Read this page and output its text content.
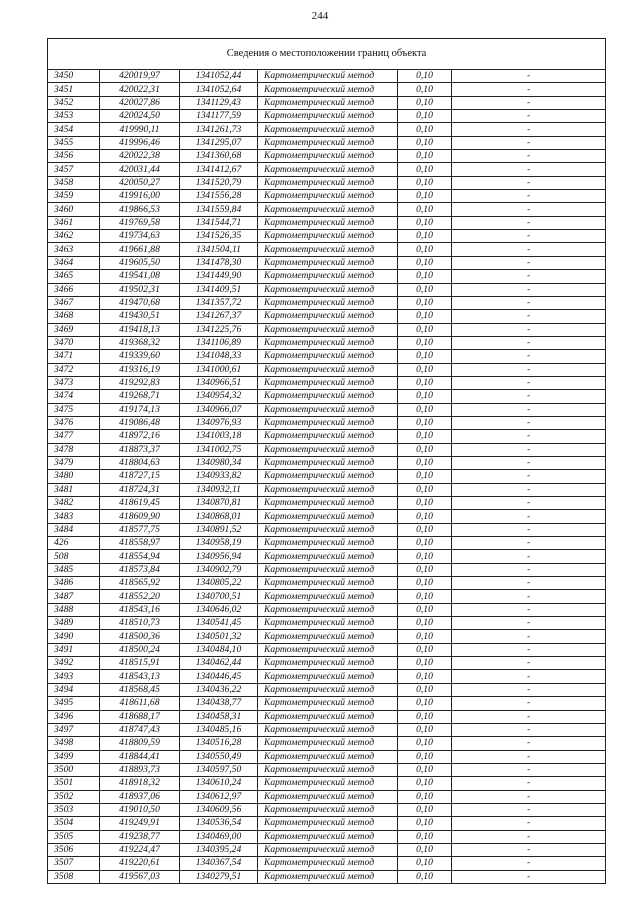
244
Сведения о местоположении границ объекта					
3450	420019,97	1341052,44	Картометрический метод	0,10	-
3451	420022,31	1341052,64	Картометрический метод	0,10	-
3452	420027,86	1341129,43	Картометрический метод	0,10	-
3453	420024,50	1341177,59	Картометрический метод	0,10	-
3454	419990,11	1341261,73	Картометрический метод	0,10	-
3455	419996,46	1341295,07	Картометрический метод	0,10	-
3456	420022,38	1341360,68	Картометрический метод	0,10	-
3457	420031,44	1341412,67	Картометрический метод	0,10	-
3458	420050,27	1341520,79	Картометрический метод	0,10	-
3459	419916,00	1341556,28	Картометрический метод	0,10	-
3460	419866,53	1341559,84	Картометрический метод	0,10	-
3461	419769,58	1341544,71	Картометрический метод	0,10	-
3462	419734,63	1341526,35	Картометрический метод	0,10	-
3463	419661,88	1341504,11	Картометрический метод	0,10	-
3464	419605,50	1341478,30	Картометрический метод	0,10	-
3465	419541,08	1341449,90	Картометрический метод	0,10	-
3466	419502,31	1341409,51	Картометрический метод	0,10	-
3467	419470,68	1341357,72	Картометрический метод	0,10	-
3468	419430,51	1341267,37	Картометрический метод	0,10	-
3469	419418,13	1341225,76	Картометрический метод	0,10	-
3470	419368,32	1341106,89	Картометрический метод	0,10	-
3471	419339,60	1341048,33	Картометрический метод	0,10	-
3472	419316,19	1341000,61	Картометрический метод	0,10	-
3473	419292,83	1340966,51	Картометрический метод	0,10	-
3474	419268,71	1340954,32	Картометрический метод	0,10	-
3475	419174,13	1340966,07	Картометрический метод	0,10	-
3476	419086,48	1340976,93	Картометрический метод	0,10	-
3477	418972,16	1341003,18	Картометрический метод	0,10	-
3478	418873,37	1341002,75	Картометрический метод	0,10	-
3479	418804,63	1340980,34	Картометрический метод	0,10	-
3480	418727,15	1340933,82	Картометрический метод	0,10	-
3481	418724,31	1340932,11	Картометрический метод	0,10	-
3482	418619,45	1340870,81	Картометрический метод	0,10	-
3483	418609,90	1340868,01	Картометрический метод	0,10	-
3484	418577,75	1340891,52	Картометрический метод	0,10	-
426	418558,97	1340958,19	Картометрический метод	0,10	-
508	418554,94	1340956,94	Картометрический метод	0,10	-
3485	418573,84	1340902,79	Картометрический метод	0,10	-
3486	418565,92	1340805,22	Картометрический метод	0,10	-
3487	418552,20	1340700,51	Картометрический метод	0,10	-
3488	418543,16	1340646,02	Картометрический метод	0,10	-
3489	418510,73	1340541,45	Картометрический метод	0,10	-
3490	418500,36	1340501,32	Картометрический метод	0,10	-
3491	418500,24	1340484,10	Картометрический метод	0,10	-
3492	418515,91	1340462,44	Картометрический метод	0,10	-
3493	418543,13	1340446,45	Картометрический метод	0,10	-
3494	418568,45	1340436,22	Картометрический метод	0,10	-
3495	418611,68	1340438,77	Картометрический метод	0,10	-
3496	418688,17	1340458,31	Картометрический метод	0,10	-
3497	418747,43	1340485,16	Картометрический метод	0,10	-
3498	418809,59	1340516,28	Картометрический метод	0,10	-
3499	418844,41	1340550,49	Картометрический метод	0,10	-
3500	418893,73	1340597,50	Картометрический метод	0,10	-
3501	418918,32	1340610,24	Картометрический метод	0,10	-
3502	418937,06	1340612,97	Картометрический метод	0,10	-
3503	419010,50	1340609,56	Картометрический метод	0,10	-
3504	419249,91	1340536,54	Картометрический метод	0,10	-
3505	419238,77	1340469,00	Картометрический метод	0,10	-
3506	419224,47	1340395,24	Картометрический метод	0,10	-
3507	419220,61	1340367,54	Картометрический метод	0,10	-
3508	419567,03	1340279,51	Картометрический метод	0,10	-
